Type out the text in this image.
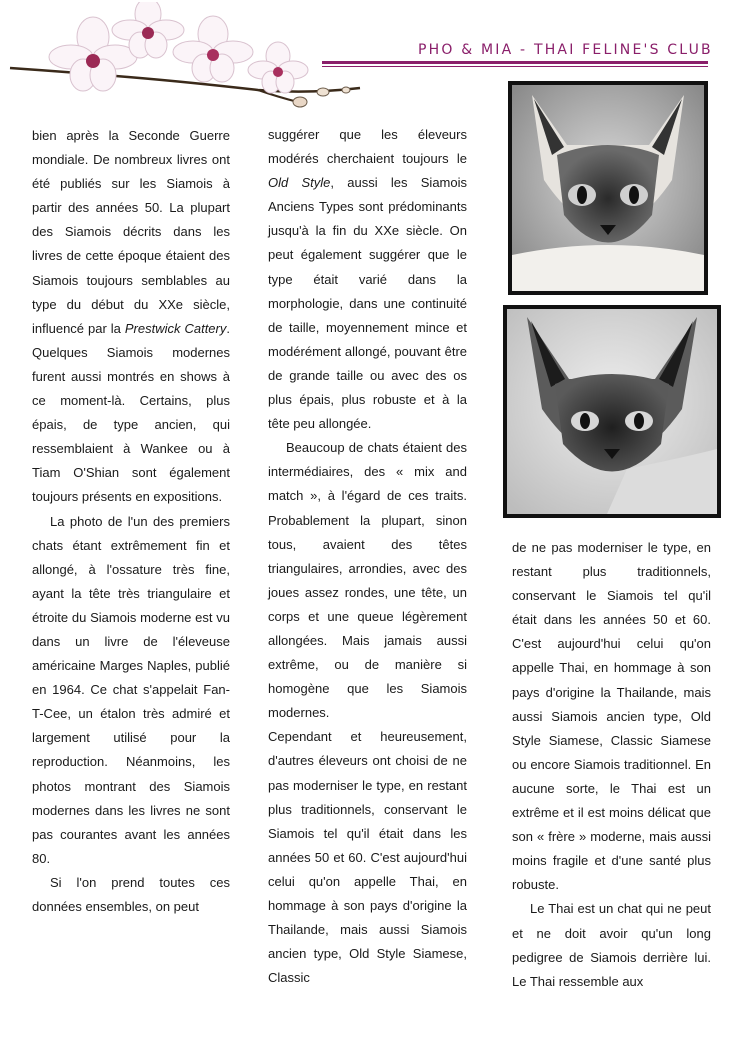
PHO & MIA - THAI FELINE'S CLUB

bien après la Seconde Guerre mondiale. De nombreux livres ont été publiés sur les Siamois à partir des années 50. La plupart des Siamois décrits dans les livres de cette époque étaient des Siamois toujours semblables au type du début du XXe siècle, influencé par la Prestwick Cattery. Quelques Siamois modernes furent aussi montrés en shows à ce moment-là. Certains, plus épais, de type ancien, qui ressemblaient à Wankee ou à Tiam O'Shian sont également toujours présents en expositions.

La photo de l'un des premiers chats étant extrêmement fin et allongé, à l'ossature très fine, ayant la tête très triangulaire et étroite du Siamois moderne est vu dans un livre de l'éleveuse américaine Marges Naples, publié en 1964. Ce chat s'appelait Fan-T-Cee, un étalon très admiré et largement utilisé pour la reproduction. Néanmoins, les photos montrant des Siamois modernes dans les livres ne sont pas courantes avant les années 80.

Si l'on prend toutes ces données ensembles, on peut

suggérer que les éleveurs modérés cherchaient toujours le Old Style, aussi les Siamois Anciens Types sont prédominants jusqu'à la fin du XXe siècle. On peut également suggérer que le type était varié dans la morphologie, dans une continuité de taille, moyennement mince et modérément allongé, pouvant être de grande taille ou avec des os plus épais, plus robuste et à la tête peu allongée.

Beaucoup de chats étaient des intermédiaires, des « mix and match », à l'égard de ces traits. Probablement la plupart, sinon tous, avaient des têtes triangulaires, arrondies, avec des joues assez rondes, une tête, un corps et une queue légèrement allongées. Mais jamais aussi extrême, ou de manière si homogène que les Siamois modernes.

Cependant et heureusement, d'autres éleveurs ont choisi de ne pas moderniser le type, en restant plus traditionnels, conservant le Siamois tel qu'il était dans les années 50 et 60. C'est aujourd'hui celui qu'on appelle Thai, en hommage à son pays d'origine la Thailande, mais aussi Siamois ancien type, Old Style Siamese, Classic

de ne pas moderniser le type, en restant plus traditionnels, conservant le Siamois tel qu'il était dans les années 50 et 60. C'est aujourd'hui celui qu'on appelle Thai, en hommage à son pays d'origine la Thailande, mais aussi Siamois ancien type, Old Style Siamese, Classic Siamese ou encore Siamois traditionnel. En aucune sorte, le Thai est un extrême et il est moins délicat que son « frère » moderne, mais aussi moins fragile et d'une santé plus robuste.

Le Thai est un chat qui ne peut et ne doit avoir qu'un long pedigree de Siamois derrière lui. Le Thai ressemble aux
